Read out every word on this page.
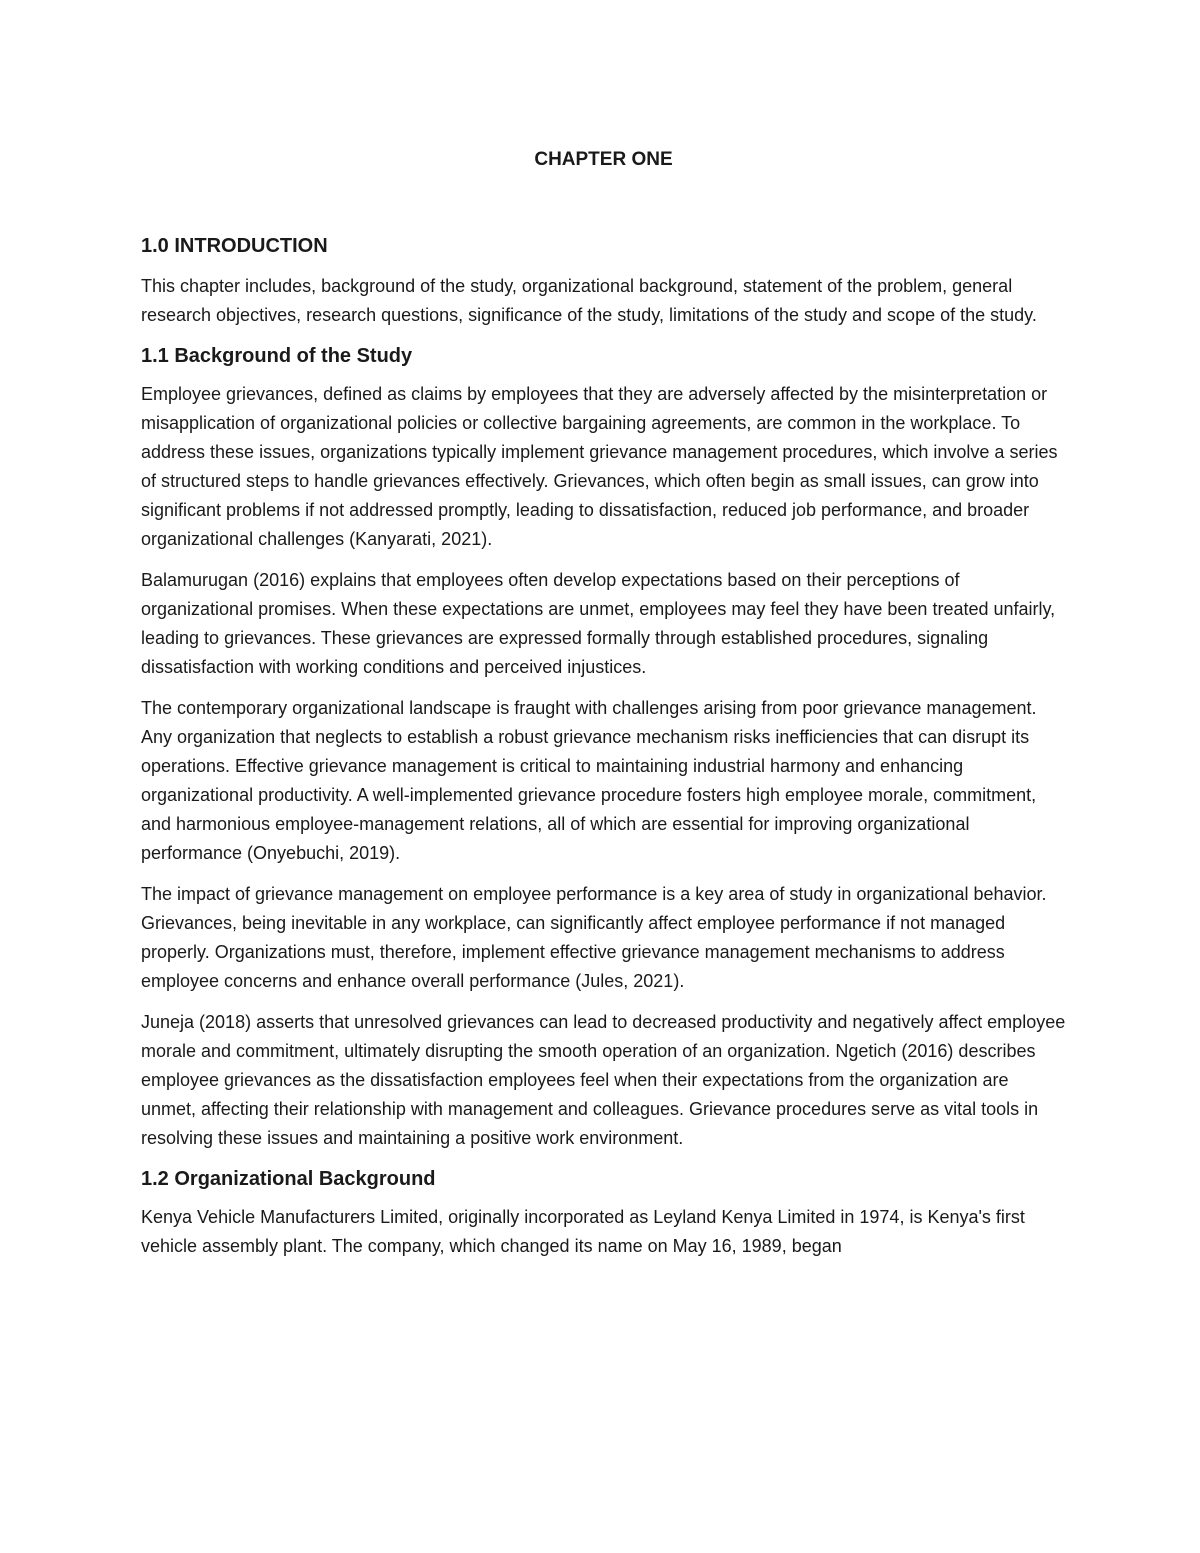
CHAPTER ONE
1.0 INTRODUCTION

This chapter includes, background of the study, organizational background, statement of the problem, general research objectives, research questions, significance of the study, limitations of the study and scope of the study.

1.1 Background of the Study

Employee grievances, defined as claims by employees that they are adversely affected by the misinterpretation or misapplication of organizational policies or collective bargaining agreements, are common in the workplace. To address these issues, organizations typically implement grievance management procedures, which involve a series of structured steps to handle grievances effectively. Grievances, which often begin as small issues, can grow into significant problems if not addressed promptly, leading to dissatisfaction, reduced job performance, and broader organizational challenges (Kanyarati, 2021).

Balamurugan (2016) explains that employees often develop expectations based on their perceptions of organizational promises. When these expectations are unmet, employees may feel they have been treated unfairly, leading to grievances. These grievances are expressed formally through established procedures, signaling dissatisfaction with working conditions and perceived injustices.

The contemporary organizational landscape is fraught with challenges arising from poor grievance management. Any organization that neglects to establish a robust grievance mechanism risks inefficiencies that can disrupt its operations. Effective grievance management is critical to maintaining industrial harmony and enhancing organizational productivity. A well-implemented grievance procedure fosters high employee morale, commitment, and harmonious employee-management relations, all of which are essential for improving organizational performance (Onyebuchi, 2019).

The impact of grievance management on employee performance is a key area of study in organizational behavior. Grievances, being inevitable in any workplace, can significantly affect employee performance if not managed properly. Organizations must, therefore, implement effective grievance management mechanisms to address employee concerns and enhance overall performance (Jules, 2021).

Juneja (2018) asserts that unresolved grievances can lead to decreased productivity and negatively affect employee morale and commitment, ultimately disrupting the smooth operation of an organization. Ngetich (2016) describes employee grievances as the dissatisfaction employees feel when their expectations from the organization are unmet, affecting their relationship with management and colleagues. Grievance procedures serve as vital tools in resolving these issues and maintaining a positive work environment.

1.2 Organizational Background

Kenya Vehicle Manufacturers Limited, originally incorporated as Leyland Kenya Limited in 1974, is Kenya's first vehicle assembly plant. The company, which changed its name on May 16, 1989, began
